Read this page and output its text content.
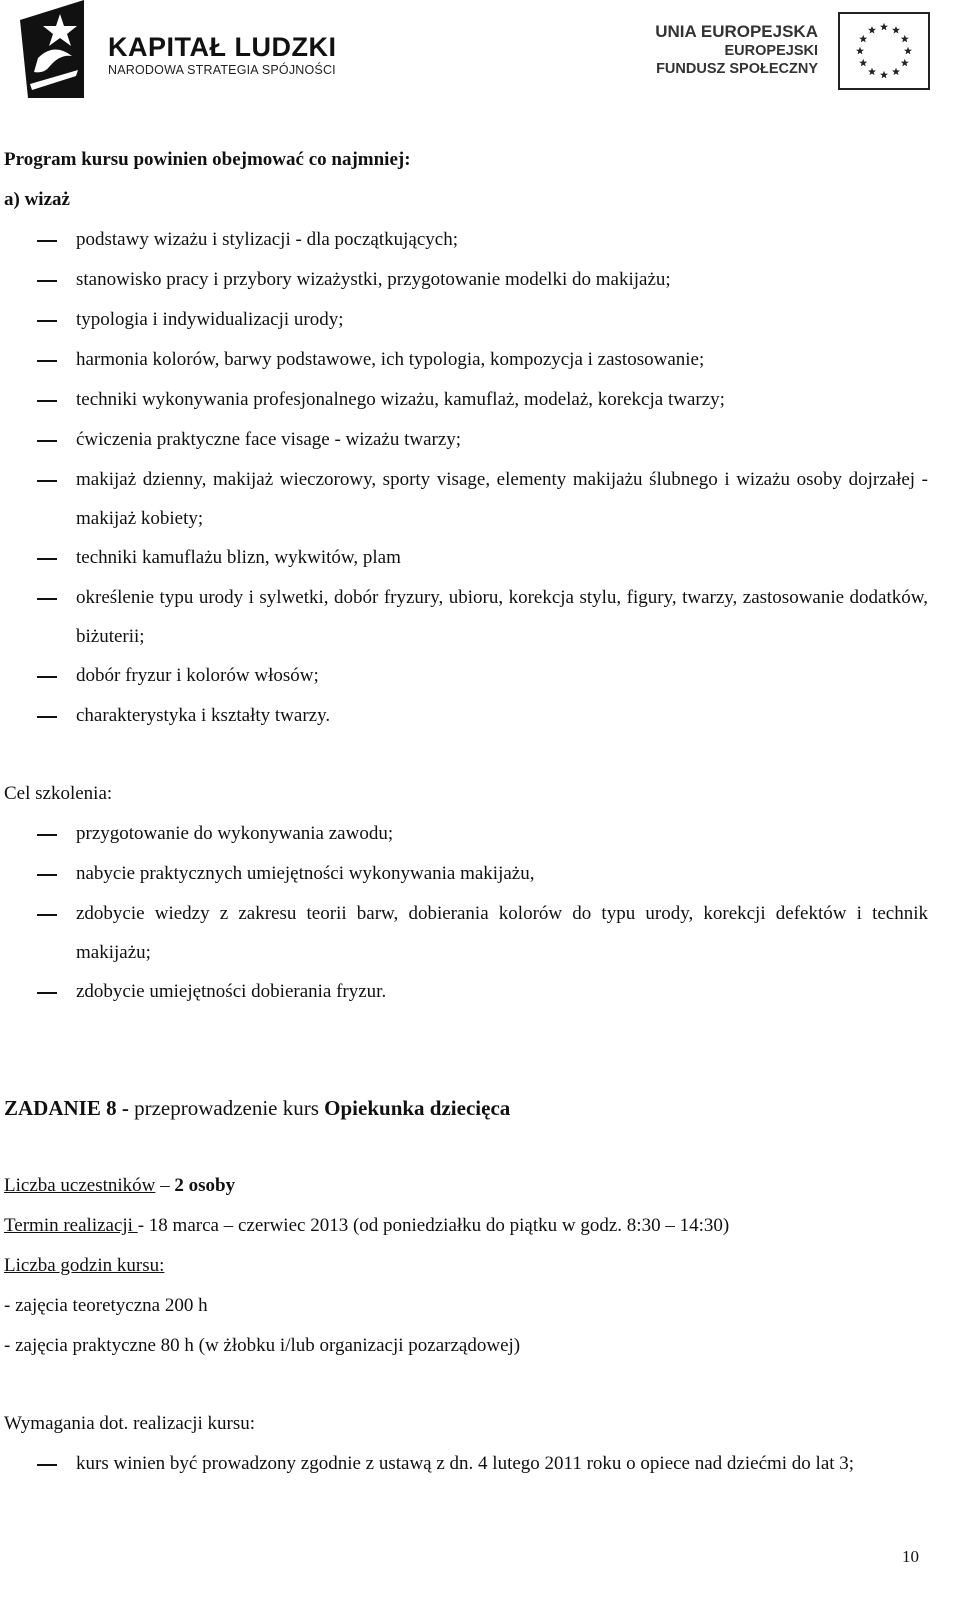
KAPITAŁ LUDZKI
NARODOWA STRATEGIA SPÓJNOŚCI
UNIA EUROPEJSKA
EUROPEJSKI
FUNDUSZ SPOŁECZNY
Program kursu powinien obejmować co najmniej:
a) wizaż
podstawy wizażu i stylizacji - dla początkujących;
stanowisko pracy i przybory wizażystki, przygotowanie modelki do makijażu;
typologia i indywidualizacji urody;
harmonia kolorów, barwy podstawowe, ich typologia, kompozycja i zastosowanie;
techniki wykonywania profesjonalnego wizażu, kamuflaż, modelaż, korekcja twarzy;
ćwiczenia praktyczne face visage - wizażu twarzy;
makijaż dzienny, makijaż wieczorowy, sporty visage, elementy makijażu ślubnego i wizażu osoby dojrzałej - makijaż kobiety;
techniki kamuflażu blizn, wykwitów, plam
określenie typu urody i sylwetki, dobór fryzury, ubioru, korekcja stylu, figury, twarzy, zastosowanie dodatków, biżuterii;
dobór fryzur i kolorów włosów;
charakterystyka i kształty twarzy.
Cel szkolenia:
przygotowanie do wykonywania zawodu;
nabycie praktycznych umiejętności wykonywania makijażu,
zdobycie wiedzy z zakresu teorii barw, dobierania kolorów do typu urody, korekcji defektów i technik makijażu;
zdobycie umiejętności dobierania fryzur.
ZADANIE 8 - przeprowadzenie kurs Opiekunka dziecięca
Liczba uczestników – 2 osoby
Termin realizacji - 18 marca – czerwiec 2013 (od poniedziałku do piątku w godz. 8:30 – 14:30)
Liczba godzin kursu:
- zajęcia teoretyczna 200 h
- zajęcia praktyczne 80 h (w żłobku i/lub organizacji pozarządowej)
Wymagania dot. realizacji kursu:
kurs winien być prowadzony zgodnie z ustawą z dn. 4 lutego 2011 roku o opiece nad dziećmi do lat 3;
10
